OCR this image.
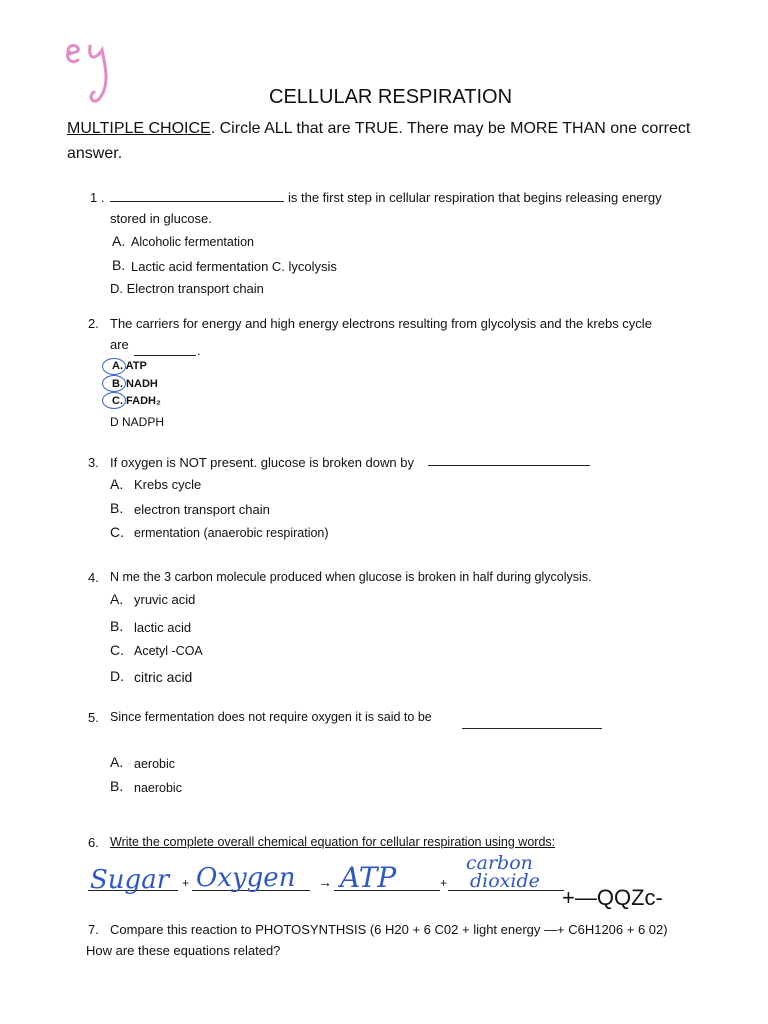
CELLULAR RESPIRATION
MULTIPLE CHOICE. Circle ALL that are TRUE. There may be MORE THAN one correct
answer.
1 .	is the first step in cellular respiration that begins releasing energy
stored in glucose.
A. Alcoholic fermentation
B. Lactic acid fermentation C. lycolysis
D. Electron transport chain
2. The carriers for energy and high energy electrons resulting from glycolysis and the krebs cycle
are	.
A. ATP
B. NADH
C. FADH₂
D NADPH
3. If oxygen is NOT present. glucose is broken down by
A. Krebs cycle
B. electron transport chain
C. ermentation (anaerobic respiration)
4. N me the 3 carbon molecule produced when glucose is broken in half during glycolysis.
A. yruvic acid
B. lactic acid
C. Acetyl -COA
D. citric acid
5. Since fermentation does not require oxygen it is said to be
A. aerobic
B. naerobic
6. Write the complete overall chemical equation for cellular respiration using words:
Sugar + Oxygen → ATP	+
carbon
dioxide
+—QQZc-
7. Compare this reaction to PHOTOSYNTHSIS (6 H20 + 6 C02 + light energy —+ C6H1206 + 6 02)
How are these equations related?
